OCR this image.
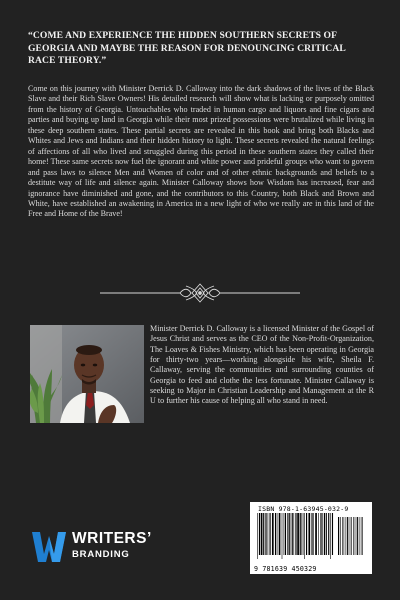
“COME AND EXPERIENCE THE HIDDEN SOUTHERN SECRETS OF GEORGIA AND MAYBE THE REASON FOR DENOUNCING CRITICAL RACE THEORY.”
Come on this journey with Minister Derrick D. Calloway into the dark shadows of the lives of the Black Slave and their Rich Slave Owners! His detailed research will show what is lacking or purposely omitted from the history of Georgia. Untouchables who traded in human cargo and liquors and fine cigars and parties and buying up land in Georgia while their most prized possessions were brutalized while living in these deep southern states. These partial secrets are revealed in this book and bring both Blacks and Whites and Jews and Indians and their hidden history to light. These secrets revealed the natural feelings of affections of all who lived and struggled during this period in these southern states they called their home! These same secrets now fuel the ignorant and white power and prideful groups who want to govern and pass laws to silence Men and Women of color and of other ethnic backgrounds and beliefs to a destitute way of life and silence again. Minister Calloway shows how Wisdom has increased, fear and ignorance have diminished and gone, and the contributors to this Country, both Black and Brown and White, have established an awakening in America in a new light of who we really are in this land of the Free and Home of the Brave!
Minister Derrick D. Calloway is a licensed Minister of the Gospel of Jesus Christ and serves as the CEO of the Non-Profit-Organization, The Loaves & Fishes Ministry, which has been operating in Georgia for thirty-two years—working alongside his wife, Sheila F. Callaway, serving the communities and surrounding counties of Georgia to feed and clothe the less fortunate. Minister Callaway is seeking to Major in Christian Leadership and Management at the R U to further his cause of helping all who stand in need.
WRITERS’
BRANDING
ISBN 978-1-63945-032-9
9 781639 450329
